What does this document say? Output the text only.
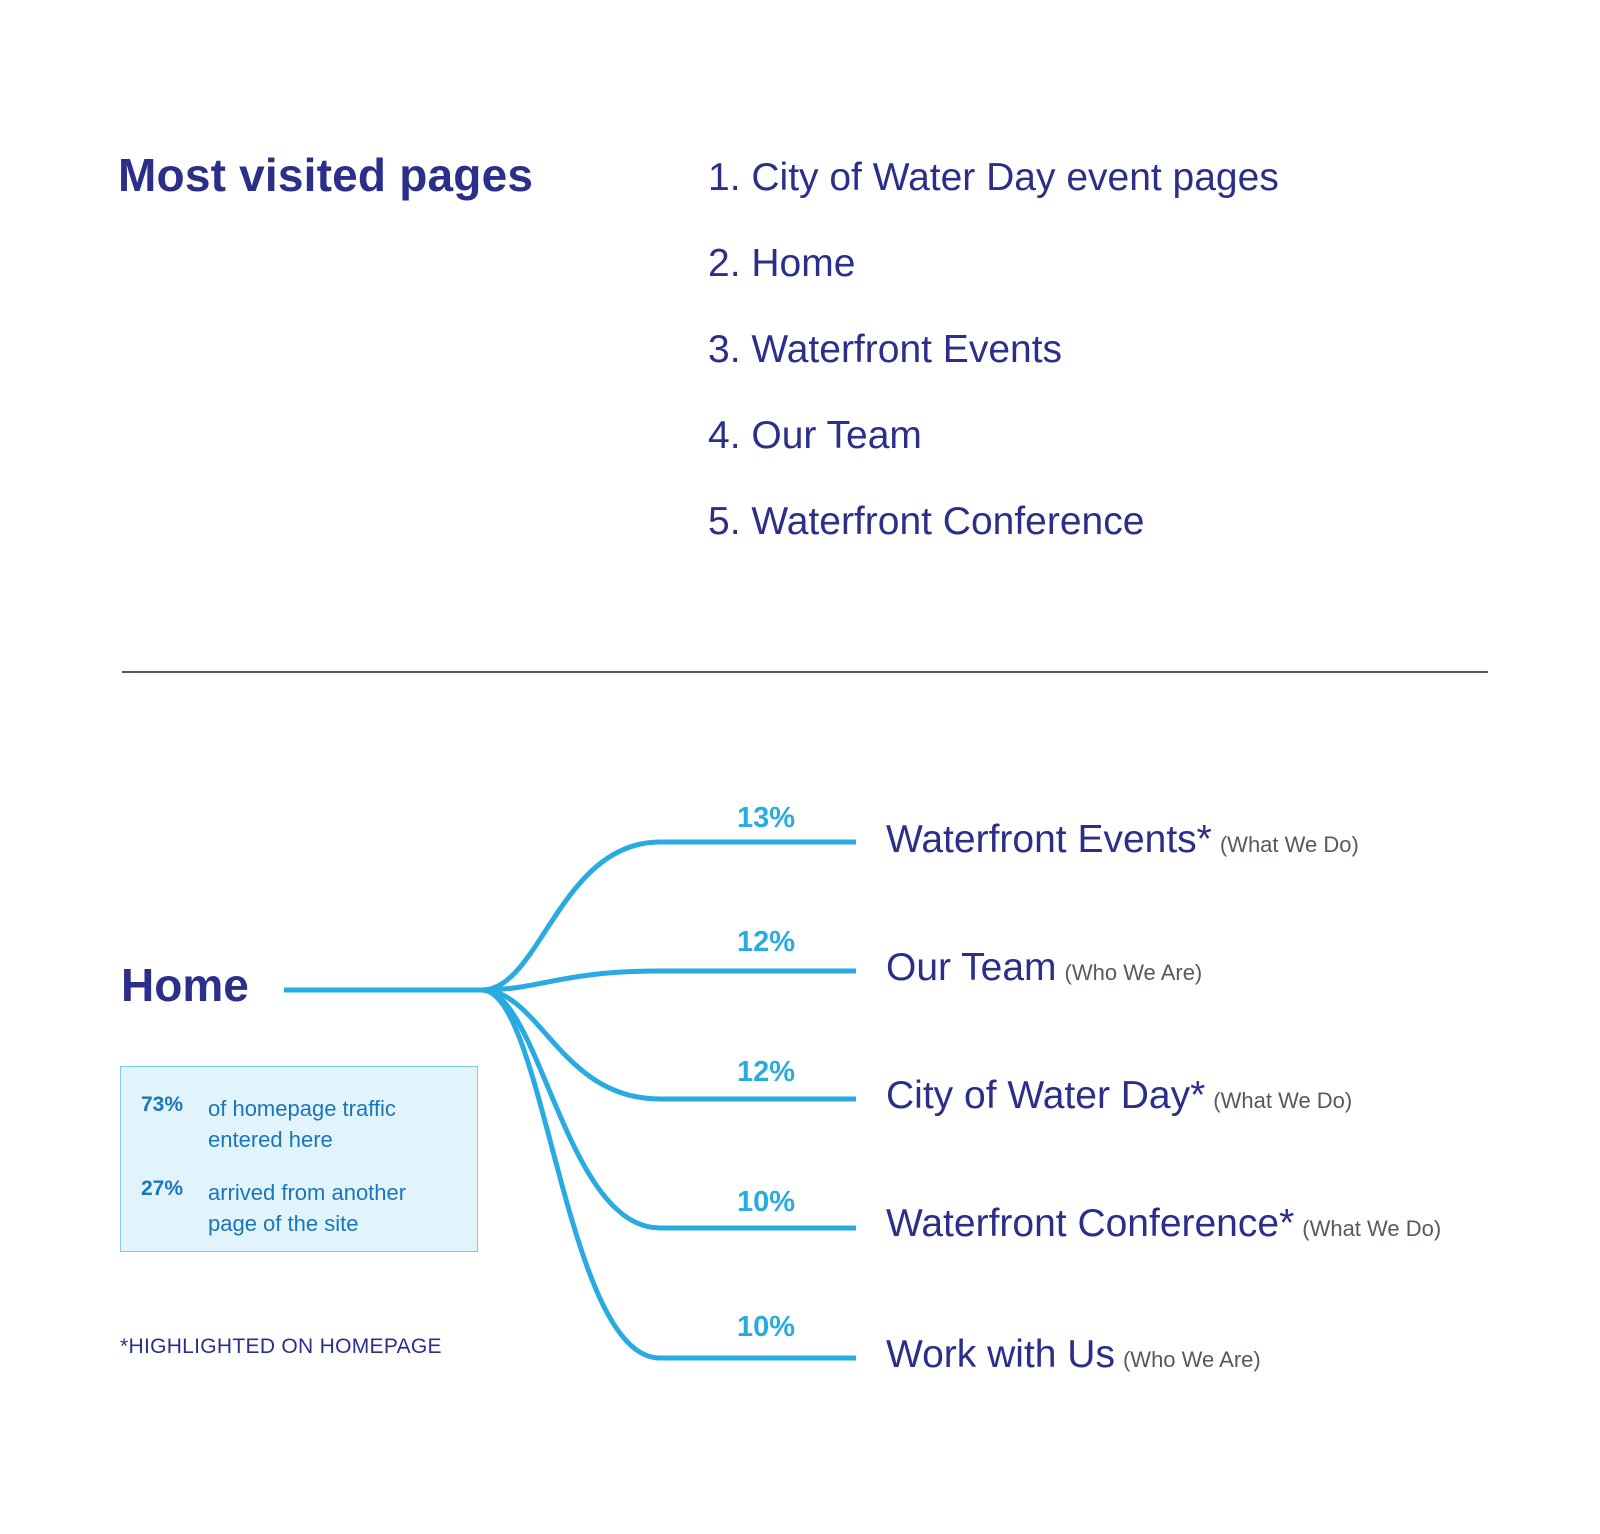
Most visited pages	1. City of Water Day event pages
2. Home
3. Waterfront Events
4. Our Team
5. Waterfront Conference
Home
13%
12%
12%
10%
10%
Waterfront Events* (What We Do)
Our Team (Who We Are)
City of Water Day* (What We Do)
Waterfront Conference* (What We Do)
Work with Us (Who We Are)
73% of homepage traffic entered here
27% arrived from another page of the site
*HIGHLIGHTED ON HOMEPAGE
